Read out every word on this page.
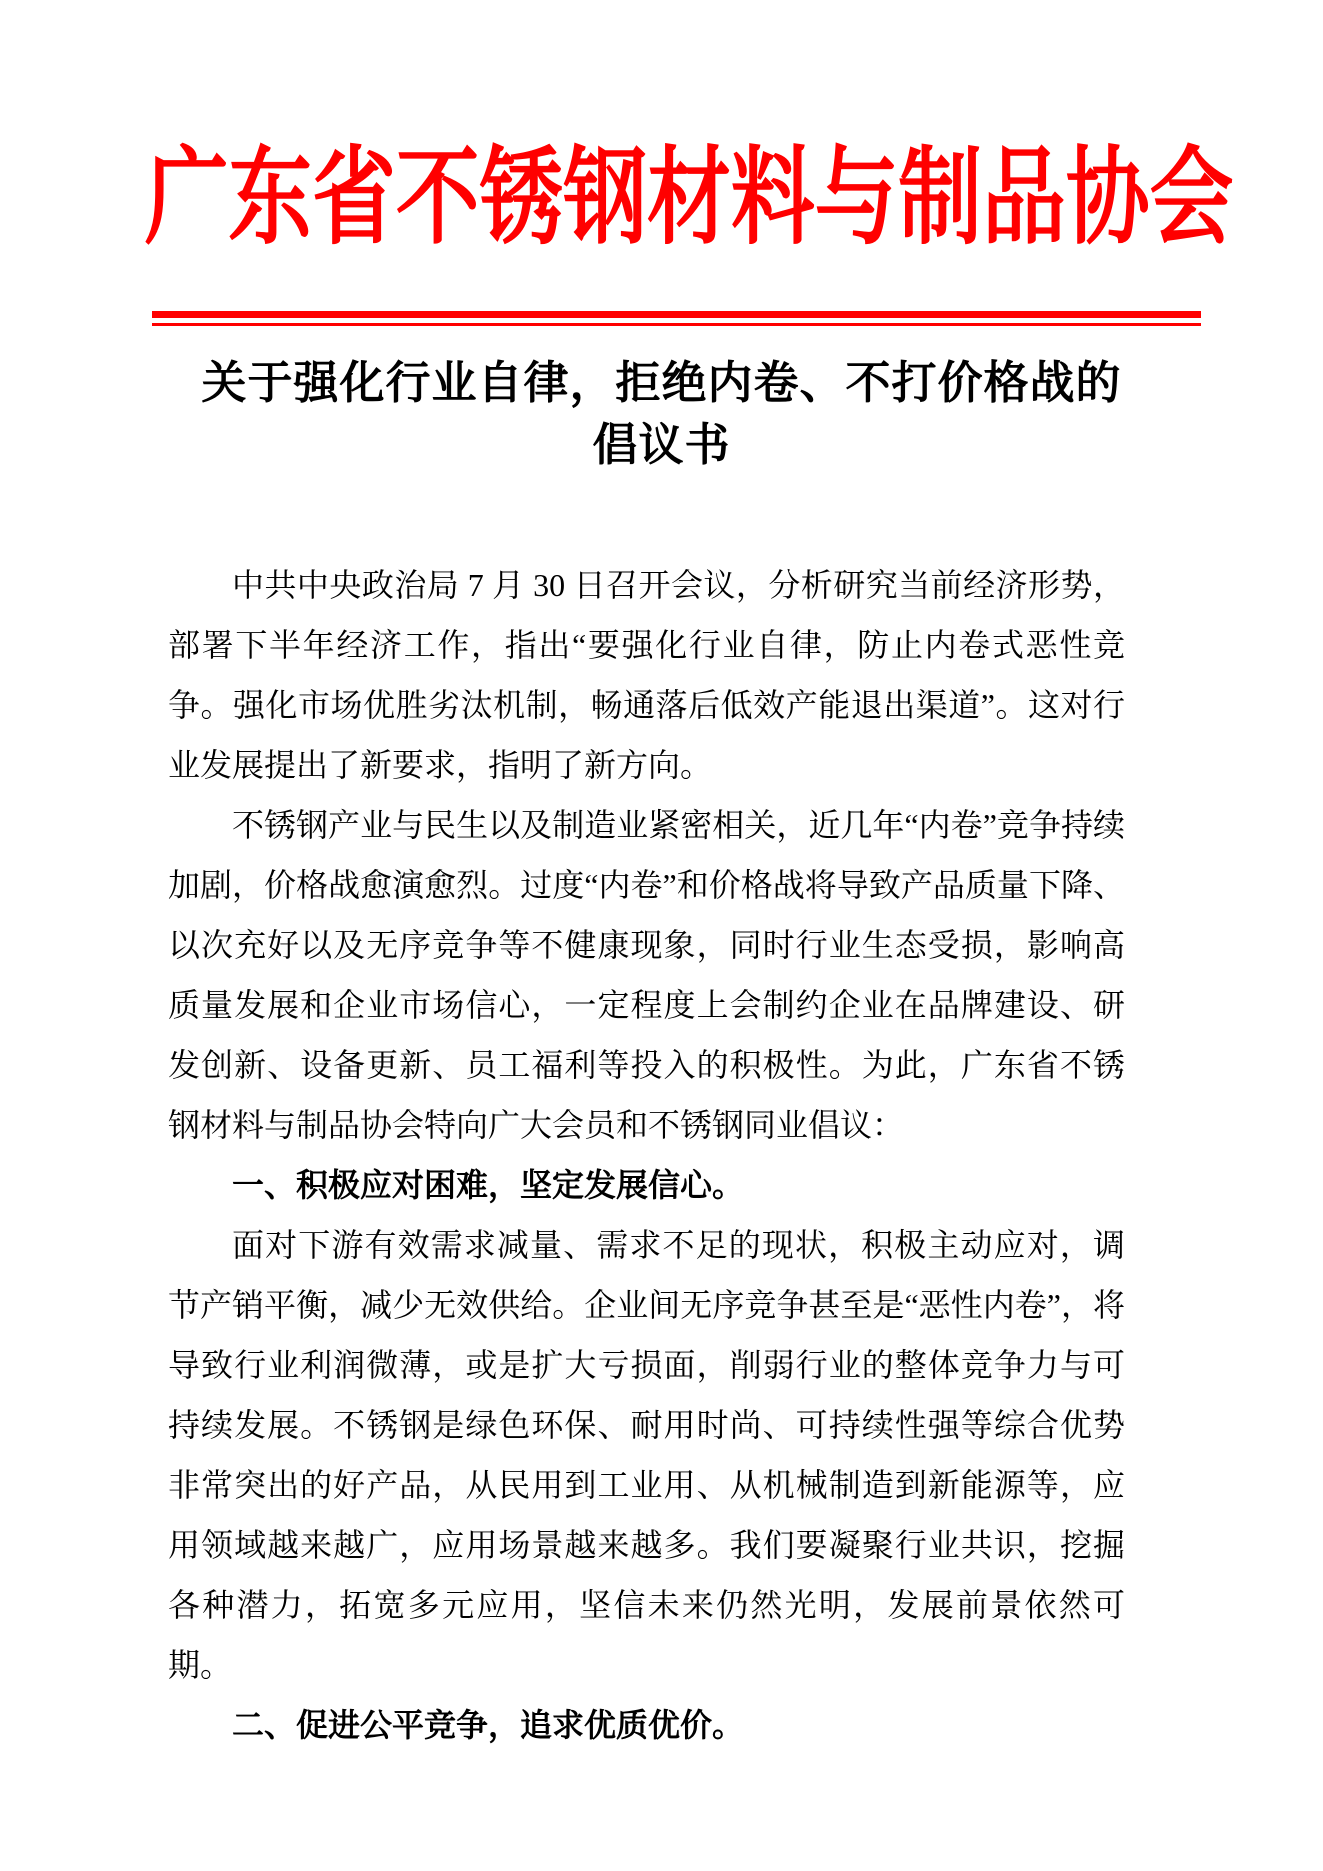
广东省不锈钢材料与制品协会
关于强化行业自律，拒绝内卷、不打价格战的
倡议书

中共中央政治局 7 月 30 日召开会议，分析研究当前经济形势，部署下半年经济工作，指出“要强化行业自律，防止内卷式恶性竞争。强化市场优胜劣汰机制，畅通落后低效产能退出渠道”。这对行业发展提出了新要求，指明了新方向。

不锈钢产业与民生以及制造业紧密相关，近几年“内卷”竞争持续加剧，价格战愈演愈烈。过度“内卷”和价格战将导致产品质量下降、以次充好以及无序竞争等不健康现象，同时行业生态受损，影响高质量发展和企业市场信心，一定程度上会制约企业在品牌建设、研发创新、设备更新、员工福利等投入的积极性。为此，广东省不锈钢材料与制品协会特向广大会员和不锈钢同业倡议：

一、积极应对困难，坚定发展信心。

面对下游有效需求减量、需求不足的现状，积极主动应对，调节产销平衡，减少无效供给。企业间无序竞争甚至是“恶性内卷”，将导致行业利润微薄，或是扩大亏损面，削弱行业的整体竞争力与可持续发展。不锈钢是绿色环保、耐用时尚、可持续性强等综合优势非常突出的好产品，从民用到工业用、从机械制造到新能源等，应用领域越来越广，应用场景越来越多。我们要凝聚行业共识，挖掘各种潜力，拓宽多元应用，坚信未来仍然光明，发展前景依然可期。

二、促进公平竞争，追求优质优价。
